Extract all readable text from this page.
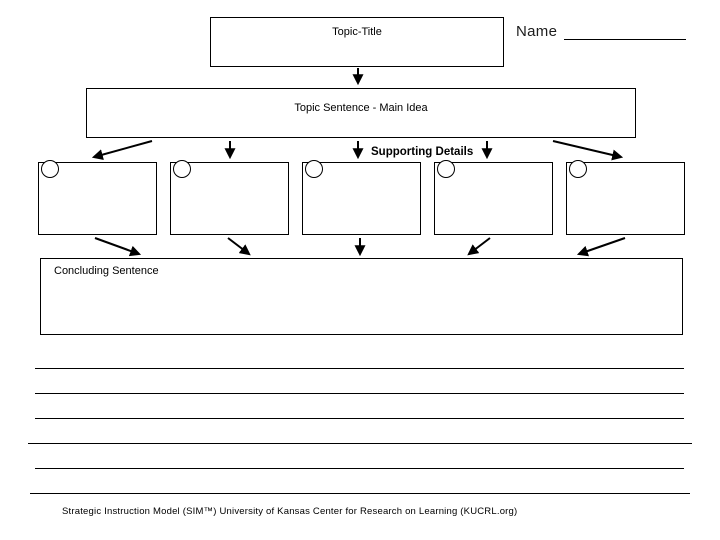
Topic-Title	Name
Topic Sentence - Main Idea
Supporting Details
Concluding Sentence
Strategic Instruction Model (SIM™) University of Kansas Center for Research on Learning (KUCRL.org)
